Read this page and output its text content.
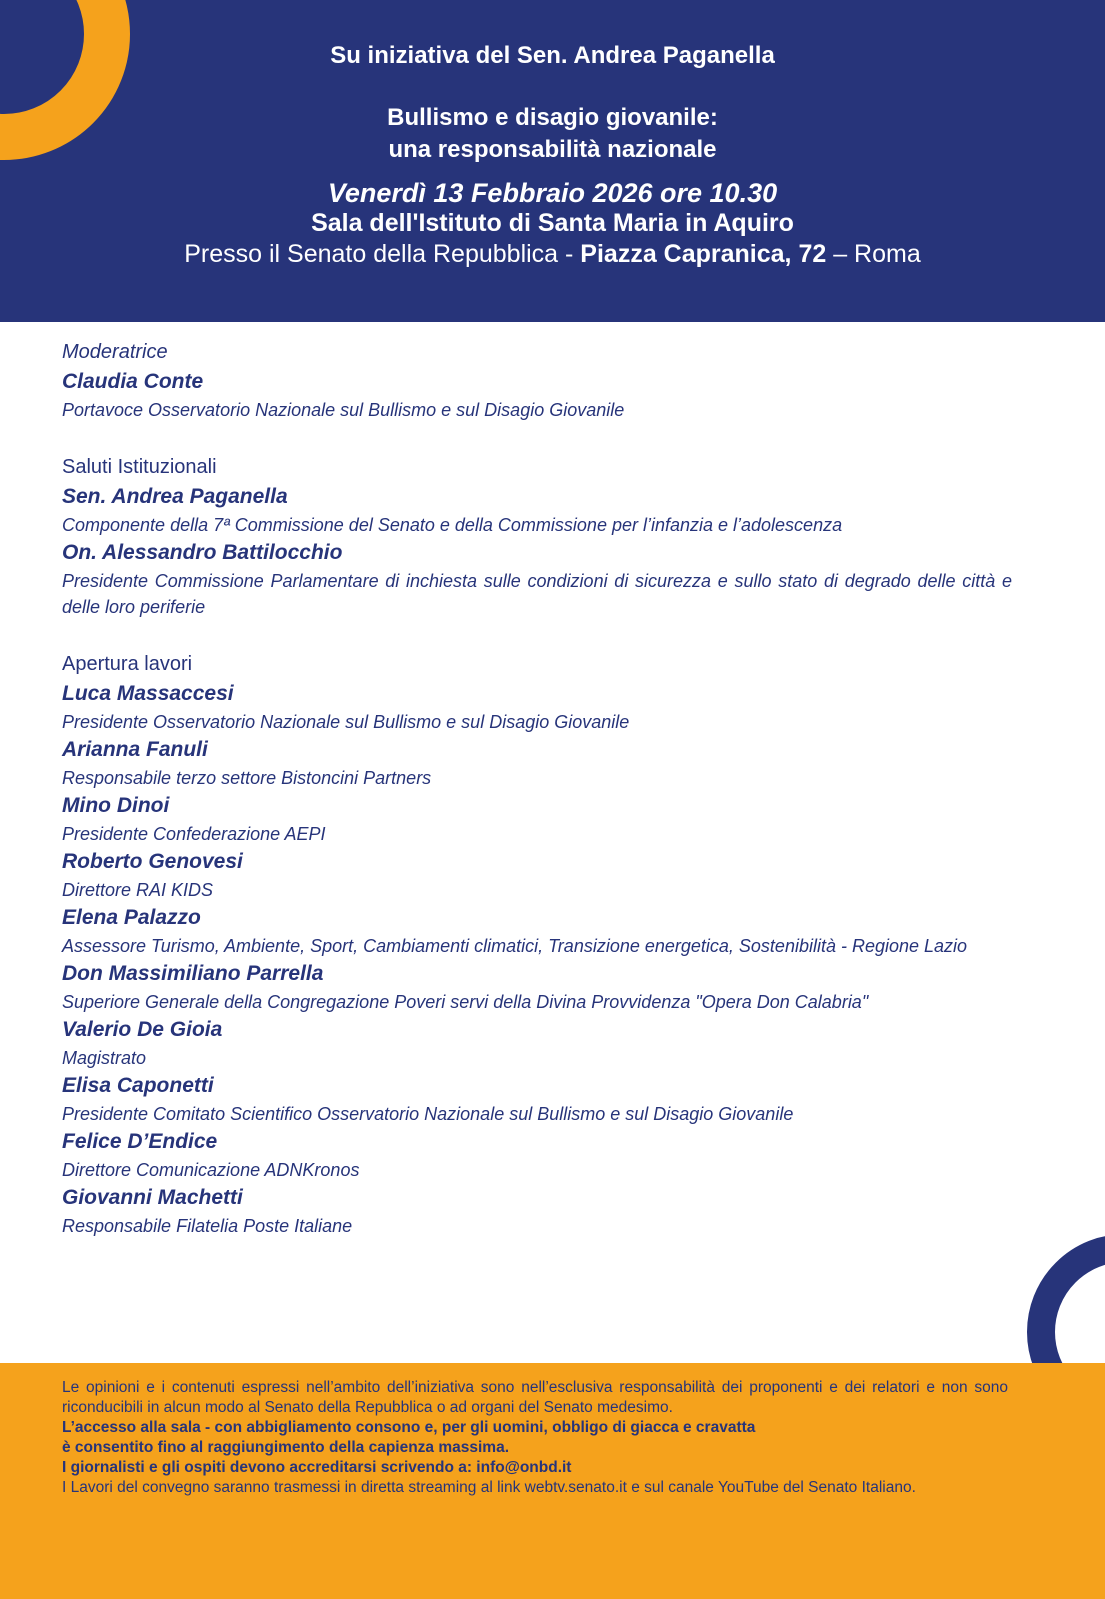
Su iniziativa del Sen. Andrea Paganella
Bullismo e disagio giovanile:
una responsabilità nazionale
Venerdì 13 Febbraio 2026 ore 10.30
Sala dell'Istituto di Santa Maria in Aquiro
Presso il Senato della Repubblica - Piazza Capranica, 72 – Roma
Moderatrice
Claudia Conte
Portavoce Osservatorio Nazionale sul Bullismo e sul Disagio Giovanile
Saluti Istituzionali
Sen. Andrea Paganella
Componente della 7ª Commissione del Senato e della Commissione per l’infanzia e l’adolescenza
On. Alessandro Battilocchio
Presidente Commissione Parlamentare di inchiesta sulle condizioni di sicurezza e sullo stato di degrado delle città e delle loro periferie
Apertura lavori
Luca Massaccesi
Presidente Osservatorio Nazionale sul Bullismo e sul Disagio Giovanile
Arianna Fanuli
Responsabile terzo settore Bistoncini Partners
Mino Dinoi
Presidente Confederazione AEPI
Roberto Genovesi
Direttore RAI KIDS
Elena Palazzo
Assessore Turismo, Ambiente, Sport, Cambiamenti climatici, Transizione energetica, Sostenibilità - Regione Lazio
Don Massimiliano Parrella
Superiore Generale della Congregazione Poveri servi della Divina Provvidenza "Opera Don Calabria"
Valerio De Gioia
Magistrato
Elisa Caponetti
Presidente Comitato Scientifico Osservatorio Nazionale sul Bullismo e sul Disagio Giovanile
Felice D’Endice
Direttore Comunicazione ADNKronos
Giovanni Machetti
Responsabile Filatelia Poste Italiane

Le opinioni e i contenuti espressi nell’ambito dell’iniziativa sono nell’esclusiva responsabilità dei proponenti e dei relatori e non sono riconducibili in alcun modo al Senato della Repubblica o ad organi del Senato medesimo.

L’accesso alla sala - con abbigliamento consono e, per gli uomini, obbligo di giacca e cravatta

è consentito fino al raggiungimento della capienza massima.

I giornalisti e gli ospiti devono accreditarsi scrivendo a: info@onbd.it

I Lavori del convegno saranno trasmessi in diretta streaming al link webtv.senato.it e sul canale YouTube del Senato Italiano.
